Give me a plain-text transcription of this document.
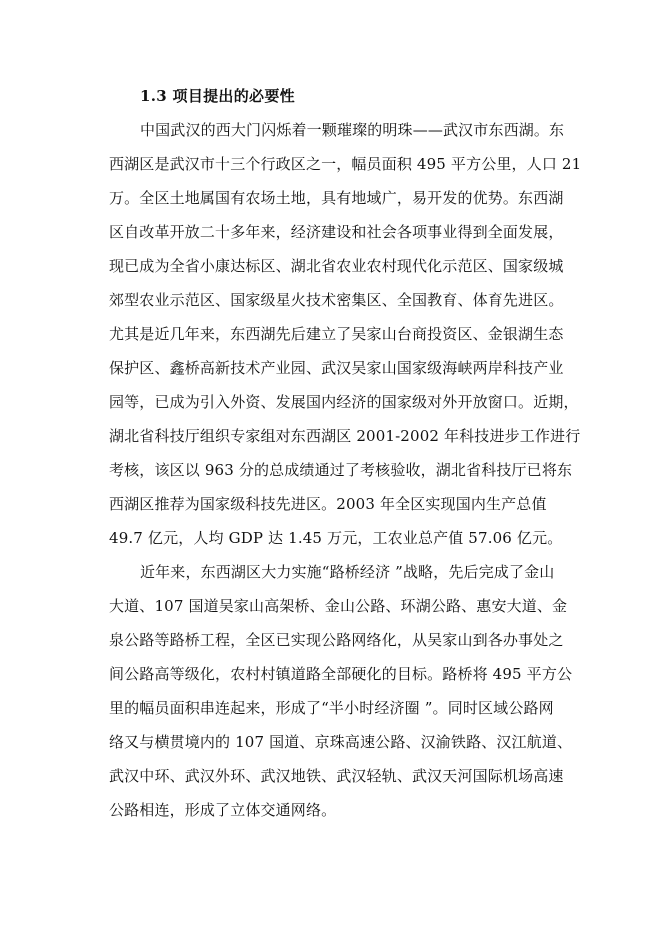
1.3 项目提出的必要性
中国武汉的西大门闪烁着一颗璀璨的明珠——武汉市东西湖。东
西湖区是武汉市十三个行政区之一，幅员面积 495 平方公里，人口 21
万。全区土地属国有农场土地，具有地域广，易开发的优势。东西湖
区自改革开放二十多年来，经济建设和社会各项事业得到全面发展，
现已成为全省小康达标区、湖北省农业农村现代化示范区、国家级城
郊型农业示范区、国家级星火技术密集区、全国教育、体育先进区。
尤其是近几年来，东西湖先后建立了吴家山台商投资区、金银湖生态
保护区、鑫桥高新技术产业园、武汉吴家山国家级海峡两岸科技产业
园等，已成为引入外资、发展国内经济的国家级对外开放窗口。近期，
湖北省科技厅组织专家组对东西湖区 2001-2002 年科技进步工作进行
考核，该区以 963 分的总成绩通过了考核验收，湖北省科技厅已将东
西湖区推荐为国家级科技先进区。2003 年全区实现国内生产总值
49.7 亿元，人均 GDP 达 1.45 万元，工农业总产值 57.06 亿元。
近年来，东西湖区大力实施“路桥经济 ”战略，先后完成了金山
大道、107 国道吴家山高架桥、金山公路、环湖公路、惠安大道、金
泉公路等路桥工程，全区已实现公路网络化，从吴家山到各办事处之
间公路高等级化，农村村镇道路全部硬化的目标。路桥将 495 平方公
里的幅员面积串连起来，形成了“半小时经济圈 ”。同时区域公路网
络又与横贯境内的 107 国道、京珠高速公路、汉渝铁路、汉江航道、
武汉中环、武汉外环、武汉地铁、武汉轻轨、武汉天河国际机场高速
公路相连，形成了立体交通网络。
